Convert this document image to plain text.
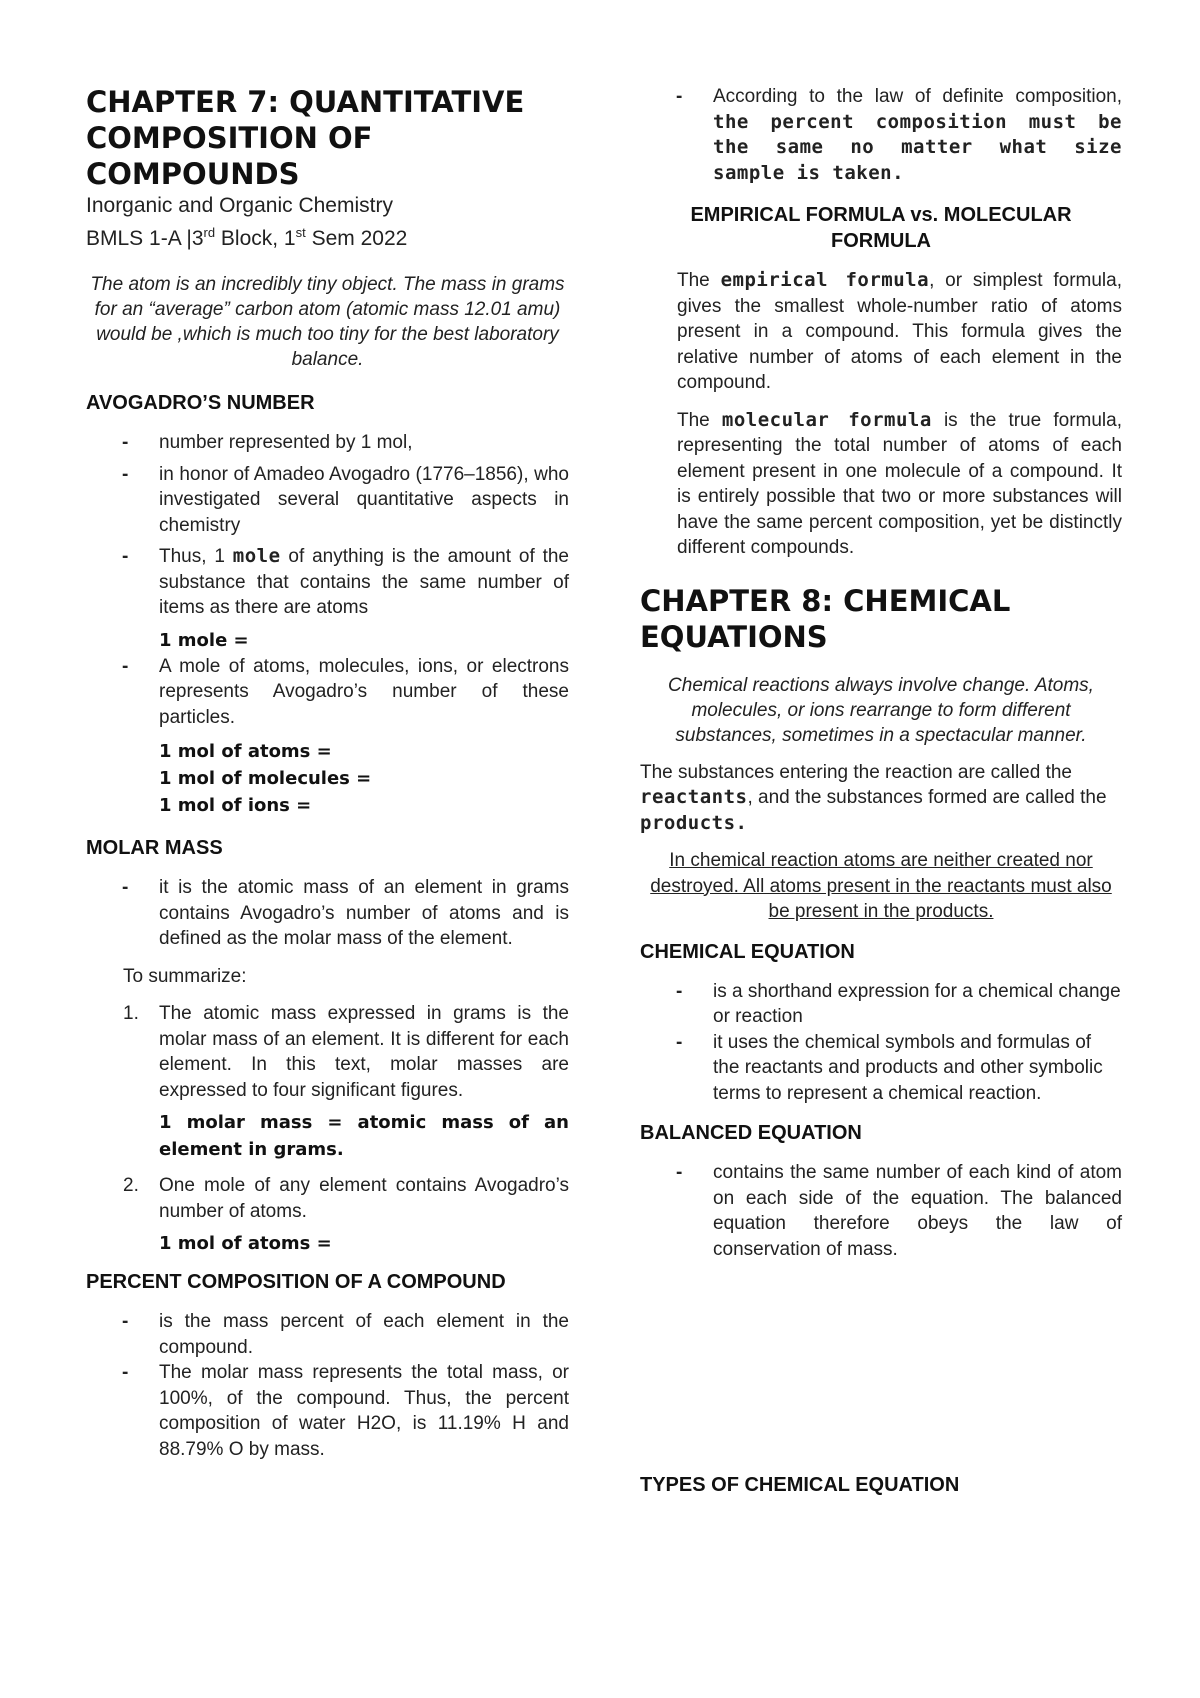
CHAPTER 7: QUANTITATIVE COMPOSITION OF COMPOUNDS

Inorganic and Organic Chemistry

BMLS 1-A |3rd Block, 1st Sem 2022

The atom is an incredibly tiny object. The mass in grams for an “average” carbon atom (atomic mass 12.01 amu) would be ,which is much too tiny for the best laboratory balance.

AVOGADRO’S NUMBER
- number represented by 1 mol,
- in honor of Amadeo Avogadro (1776–1856), who investigated several quantitative aspects in chemistry
- Thus, 1 mole of anything is the amount of the substance that contains the same number of items as there are atoms

1 mole =

- A mole of atoms, molecules, ions, or electrons represents Avogadro’s number of these particles.

1 mol of atoms =

1 mol of molecules =

1 mol of ions =

MOLAR MASS
- it is the atomic mass of an element in grams contains Avogadro’s number of atoms and is defined as the molar mass of the element.

To summarize:

1. The atomic mass expressed in grams is the molar mass of an element. It is different for each element. In this text, molar masses are expressed to four significant figures.

1 molar mass = atomic mass of an element in grams.

2. One mole of any element contains Avogadro’s number of atoms.

1 mol of atoms =

PERCENT COMPOSITION OF A COMPOUND
- is the mass percent of each element in the compound.
- The molar mass represents the total mass, or 100%, of the compound. Thus, the percent composition of water H2O, is 11.19% H and 88.79% O by mass.
- According to the law of definite composition, the percent composition must be the same no matter what size sample is taken.
EMPIRICAL FORMULA vs. MOLECULAR FORMULA

The empirical formula, or simplest formula, gives the smallest whole-number ratio of atoms present in a compound. This formula gives the relative number of atoms of each element in the compound.

The molecular formula is the true formula, representing the total number of atoms of each element present in one molecule of a compound. It is entirely possible that two or more substances will have the same percent composition, yet be distinctly different compounds.

CHAPTER 8: CHEMICAL EQUATIONS

Chemical reactions always involve change. Atoms, molecules, or ions rearrange to form different substances, sometimes in a spectacular manner.

The substances entering the reaction are called the reactants, and the substances formed are called the products.

In chemical reaction atoms are neither created nor destroyed. All atoms present in the reactants must also be present in the products.

CHEMICAL EQUATION
- is a shorthand expression for a chemical change or reaction
- it uses the chemical symbols and formulas of the reactants and products and other symbolic terms to represent a chemical reaction.
BALANCED EQUATION
- contains the same number of each kind of atom on each side of the equation. The balanced equation therefore obeys the law of conservation of mass.
TYPES OF CHEMICAL EQUATION
